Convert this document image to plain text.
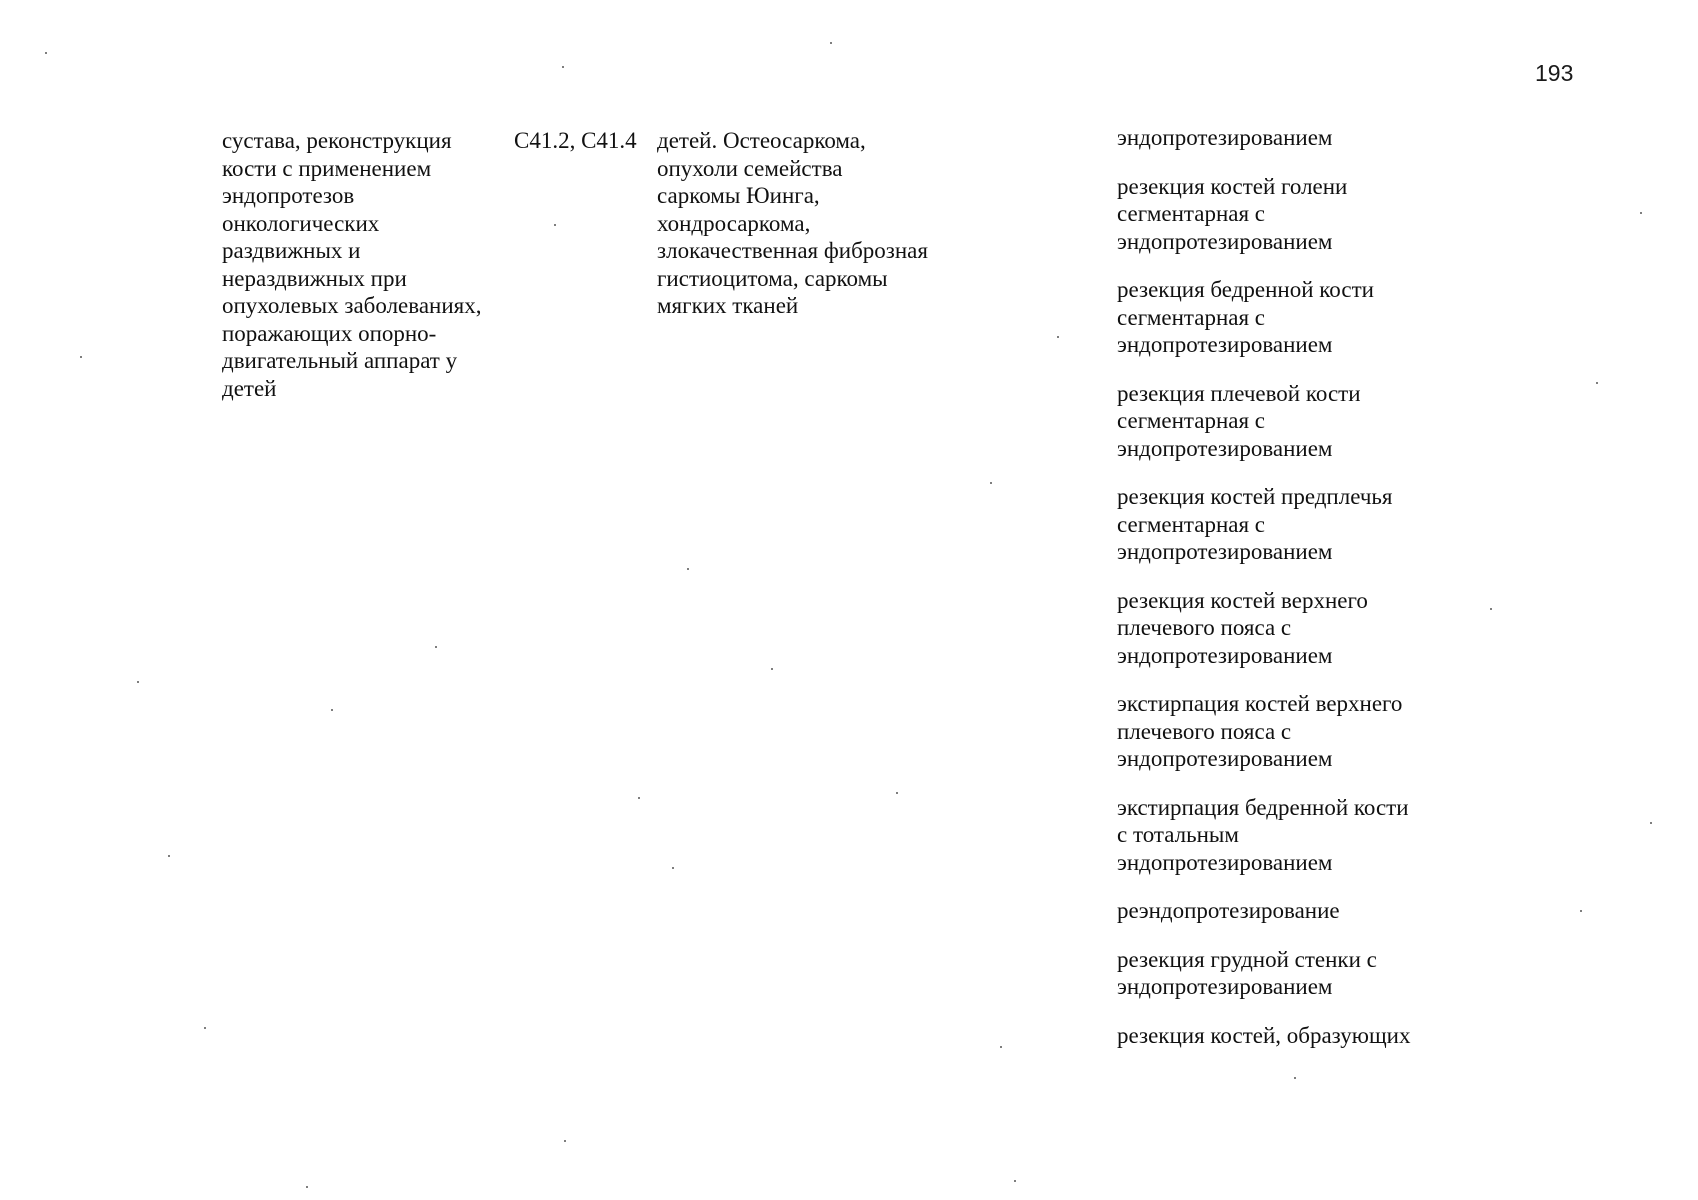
193
сустава, реконструкция
кости с применением
эндопротезов
онкологических
раздвижных и
нераздвижных при
опухолевых заболеваниях,
поражающих опорно-
двигательный аппарат у
детей
C41.2, C41.4 детей. Остеосаркома,
опухоли семейства
саркомы Юинга,
хондросаркома,
злокачественная фиброзная
гистиоцитома, саркомы
мягких тканей
эндопротезированием
резекция костей голени
сегментарная с
эндопротезированием
резекция бедренной кости
сегментарная с
эндопротезированием
резекция плечевой кости
сегментарная с
эндопротезированием
резекция костей предплечья
сегментарная с
эндопротезированием
резекция костей верхнего
плечевого пояса с
эндопротезированием
экстирпация костей верхнего
плечевого пояса с
эндопротезированием
экстирпация бедренной кости
с тотальным
эндопротезированием
реэндопротезирование
резекция грудной стенки с
эндопротезированием
резекция костей, образующих
